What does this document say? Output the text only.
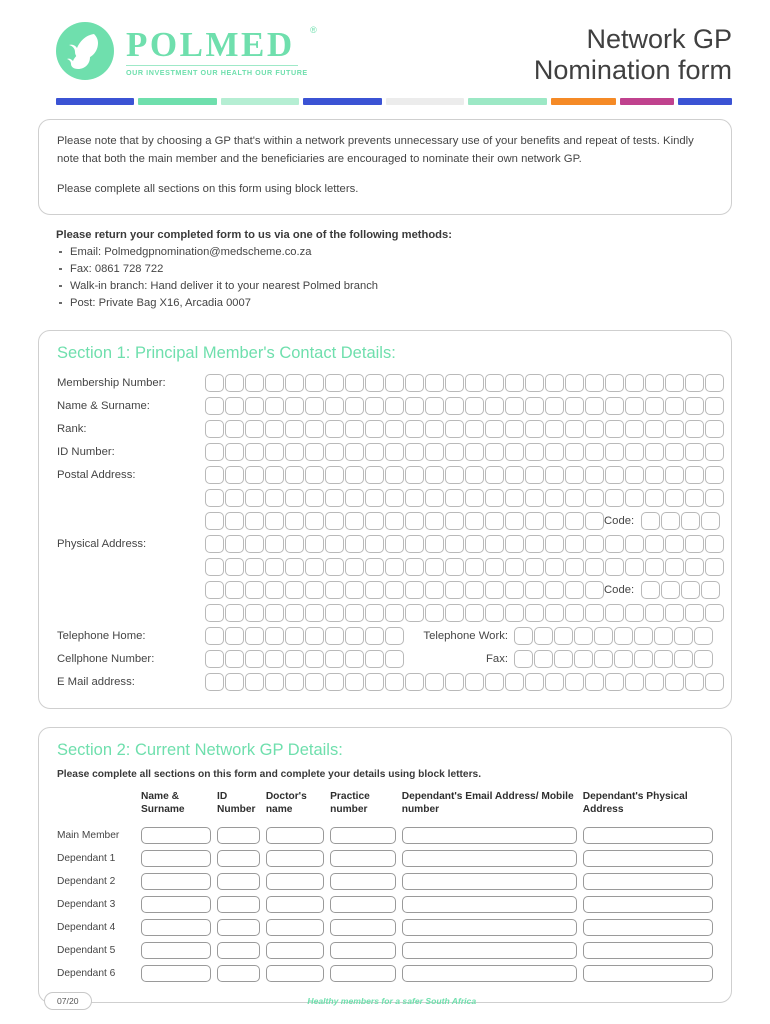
POLMED	®
OUR INVESTMENT OUR HEALTH OUR FUTURE
Network GP
Nomination form

Please note that by choosing a GP that's within a network prevents unnecessary use of your benefits and repeat of tests. Kindly note that both the main member and the beneficiaries are encouraged to nominate their own network GP.

Please complete all sections on this form using block letters.

Please return your completed form to us via one of the following methods:
Email: Polmedgpnomination@medscheme.co.za
Fax: 0861 728 722
Walk-in branch: Hand deliver it to your nearest Polmed branch
Post: Private Bag X16, Arcadia 0007
Section 1: Principal Member's Contact Details:
Membership Number:
Name & Surname:
Rank:
ID Number:
Postal Address:
Code:
Physical Address:
Code:
Telephone Home:	Telephone Work:
Cellphone Number:	Fax:
E Mail address:
Section 2: Current Network GP Details:
Please complete all sections on this form and complete your details using block letters.
	Name & Surname	ID Number	Doctor's name	Practice number	Dependant's Email Address/ Mobile number	Dependant's Physical Address
Main Member	

Dependant 1	

Dependant 2	

Dependant 3	

Dependant 4	

Dependant 5	

Dependant 6	

07/20	Healthy members for a safer South Africa
